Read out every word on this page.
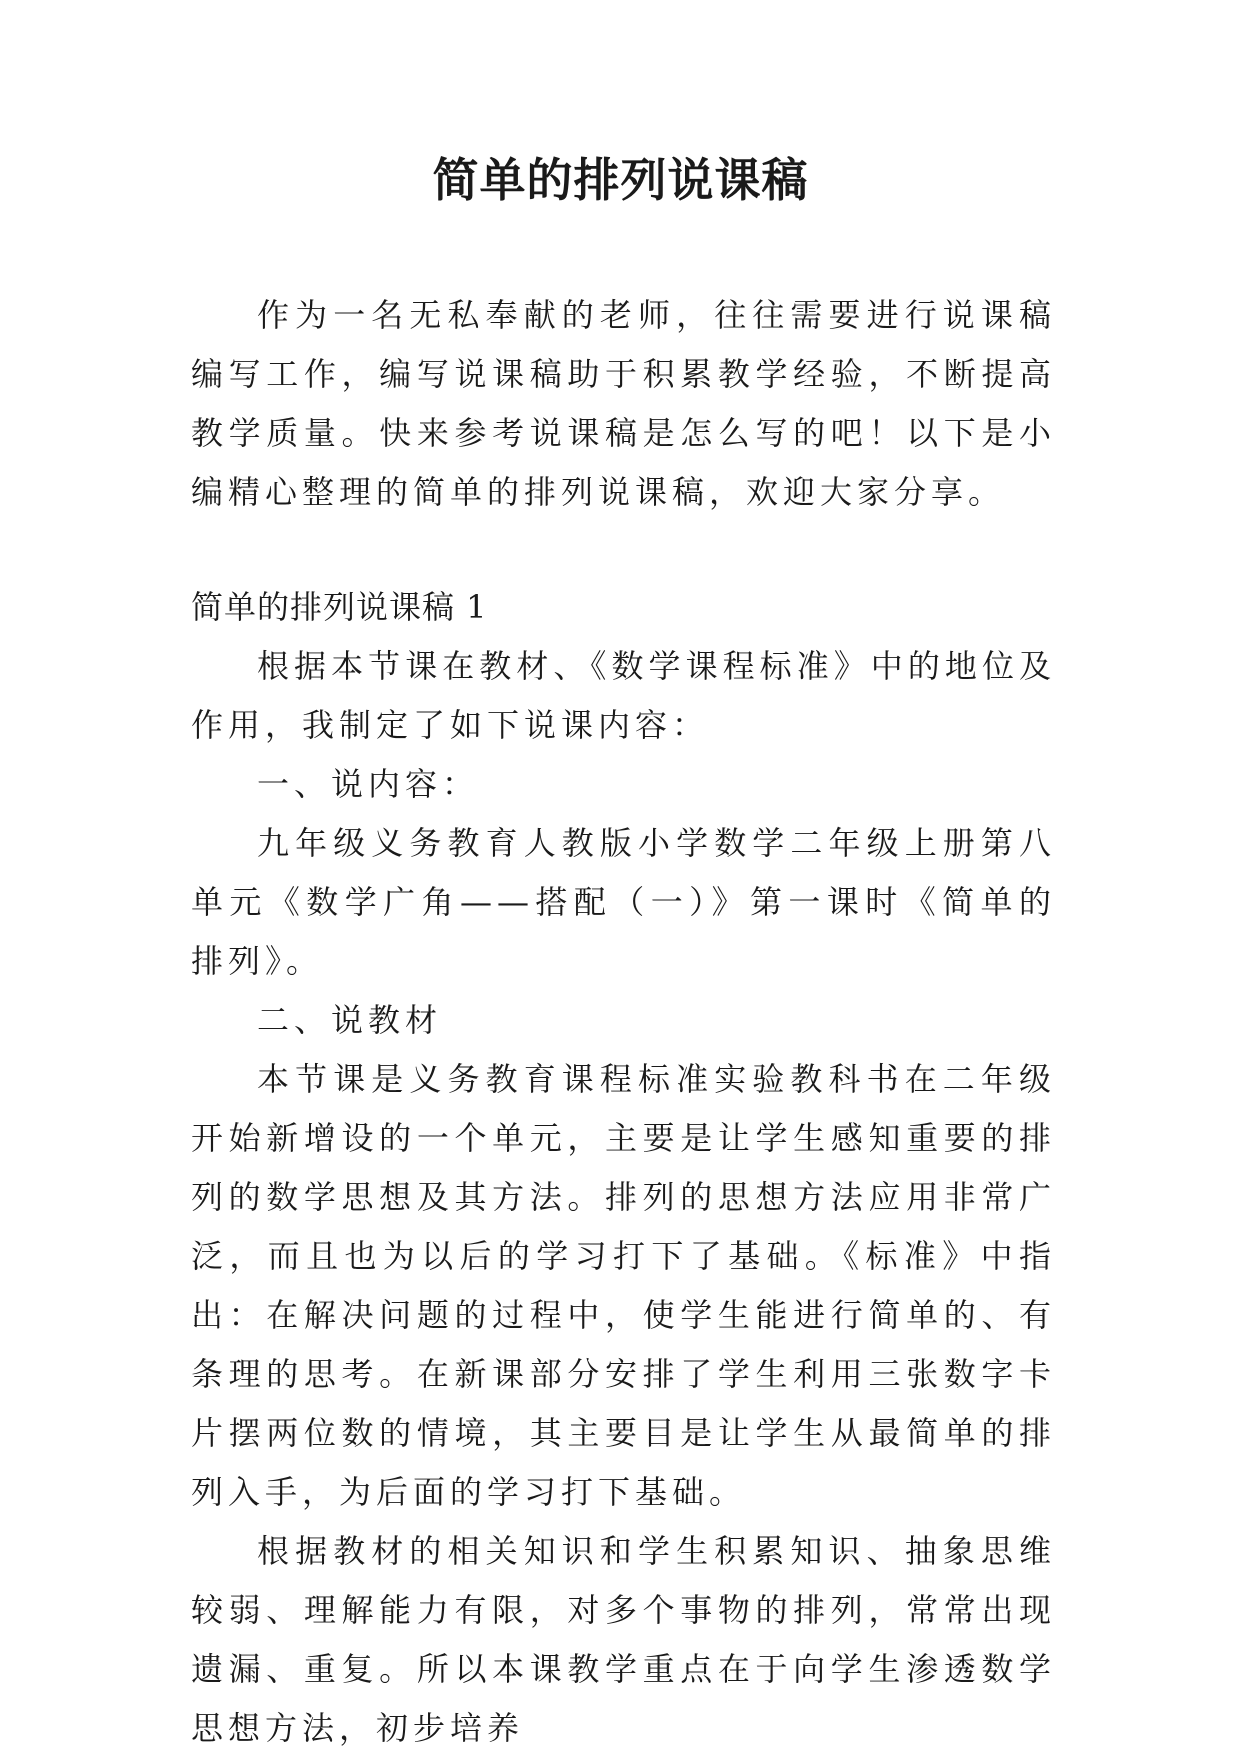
简单的排列说课稿

作为一名无私奉献的老师，往往需要进行说课稿编写工作，编写说课稿助于积累教学经验，不断提高教学质量。快来参考说课稿是怎么写的吧！以下是小编精心整理的简单的排列说课稿，欢迎大家分享。

简单的排列说课稿 1

根据本节课在教材、《数学课程标准》中的地位及作用，我制定了如下说课内容：

一、说内容：

九年级义务教育人教版小学数学二年级上册第八单元《数学广角——搭配（一）》第一课时《简单的排列》。

二、说教材

本节课是义务教育课程标准实验教科书在二年级开始新增设的一个单元，主要是让学生感知重要的排列的数学思想及其方法。排列的思想方法应用非常广泛，而且也为以后的学习打下了基础。《标准》中指出：在解决问题的过程中，使学生能进行简单的、有条理的思考。在新课部分安排了学生利用三张数字卡片摆两位数的情境，其主要目是让学生从最简单的排列入手，为后面的学习打下基础。

根据教材的相关知识和学生积累知识、抽象思维较弱、理解能力有限，对多个事物的排列，常常出现遗漏、重复。所以本课教学重点在于向学生渗透数学思想方法，初步培养
